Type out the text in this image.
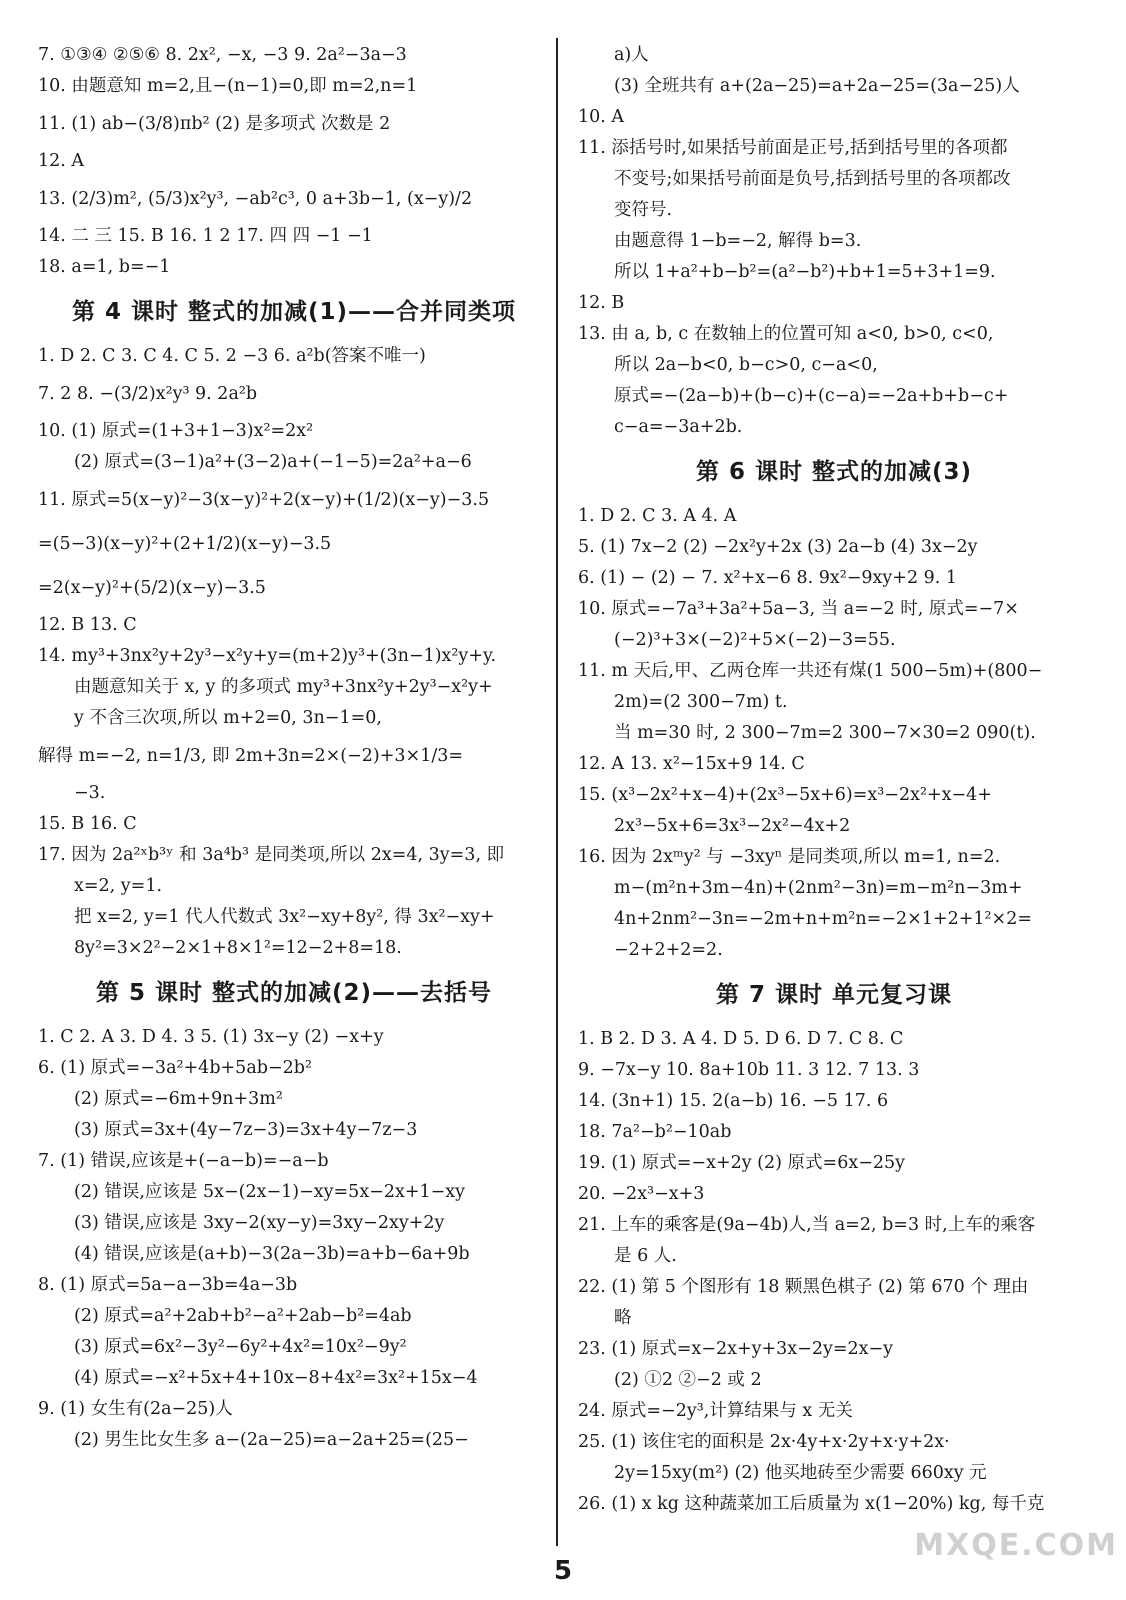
7. ①③④ ②⑤⑥ 8. 2x², −x, −3 9. 2a²−3a−3
10. 由题意知 m=2,且−(n−1)=0,即 m=2,n=1
11. (1) ab−(3/8)πb² (2) 是多项式 次数是 2
12. A
13. (2/3)m², (5/3)x²y³, −ab²c³, 0 a+3b−1, (x−y)/2
14. 二 三 15. B 16. 1 2 17. 四 四 −1 −1
18. a=1, b=−1
第 4 课时 整式的加减(1)——合并同类项
1. D 2. C 3. C 4. C 5. 2 −3 6. a²b(答案不唯一)
7. 2 8. −(3/2)x²y³ 9. 2a²b
10. (1) 原式=(1+3+1−3)x²=2x²
(2) 原式=(3−1)a²+(3−2)a+(−1−5)=2a²+a−6
11. 原式=5(x−y)²−3(x−y)²+2(x−y)+(1/2)(x−y)−3.5
=(5−3)(x−y)²+(2+1/2)(x−y)−3.5
=2(x−y)²+(5/2)(x−y)−3.5
12. B 13. C
14. my³+3nx²y+2y³−x²y+y=(m+2)y³+(3n−1)x²y+y.
由题意知关于 x, y 的多项式 my³+3nx²y+2y³−x²y+
y 不含三次项,所以 m+2=0, 3n−1=0,
解得 m=−2, n=1/3, 即 2m+3n=2×(−2)+3×1/3=
−3.
15. B 16. C
17. 因为 2a²ˣb³ʸ 和 3a⁴b³ 是同类项,所以 2x=4, 3y=3, 即
x=2, y=1.
把 x=2, y=1 代人代数式 3x²−xy+8y², 得 3x²−xy+
8y²=3×2²−2×1+8×1²=12−2+8=18.
第 5 课时 整式的加减(2)——去括号
1. C 2. A 3. D 4. 3 5. (1) 3x−y (2) −x+y
6. (1) 原式=−3a²+4b+5ab−2b²
(2) 原式=−6m+9n+3m²
(3) 原式=3x+(4y−7z−3)=3x+4y−7z−3
7. (1) 错误,应该是+(−a−b)=−a−b
(2) 错误,应该是 5x−(2x−1)−xy=5x−2x+1−xy
(3) 错误,应该是 3xy−2(xy−y)=3xy−2xy+2y
(4) 错误,应该是(a+b)−3(2a−3b)=a+b−6a+9b
8. (1) 原式=5a−a−3b=4a−3b
(2) 原式=a²+2ab+b²−a²+2ab−b²=4ab
(3) 原式=6x²−3y²−6y²+4x²=10x²−9y²
(4) 原式=−x²+5x+4+10x−8+4x²=3x²+15x−4
9. (1) 女生有(2a−25)人
(2) 男生比女生多 a−(2a−25)=a−2a+25=(25−
a)人
(3) 全班共有 a+(2a−25)=a+2a−25=(3a−25)人
10. A
11. 添括号时,如果括号前面是正号,括到括号里的各项都
不变号;如果括号前面是负号,括到括号里的各项都改
变符号.
由题意得 1−b=−2, 解得 b=3.
所以 1+a²+b−b²=(a²−b²)+b+1=5+3+1=9.
12. B
13. 由 a, b, c 在数轴上的位置可知 a<0, b>0, c<0,
所以 2a−b<0, b−c>0, c−a<0,
原式=−(2a−b)+(b−c)+(c−a)=−2a+b+b−c+
c−a=−3a+2b.
第 6 课时 整式的加减(3)
1. D 2. C 3. A 4. A
5. (1) 7x−2 (2) −2x²y+2x (3) 2a−b (4) 3x−2y
6. (1) − (2) − 7. x²+x−6 8. 9x²−9xy+2 9. 1
10. 原式=−7a³+3a²+5a−3, 当 a=−2 时, 原式=−7×
(−2)³+3×(−2)²+5×(−2)−3=55.
11. m 天后,甲、乙两仓库一共还有煤(1 500−5m)+(800−
2m)=(2 300−7m) t.
当 m=30 时, 2 300−7m=2 300−7×30=2 090(t).
12. A 13. x²−15x+9 14. C
15. (x³−2x²+x−4)+(2x³−5x+6)=x³−2x²+x−4+
2x³−5x+6=3x³−2x²−4x+2
16. 因为 2xᵐy² 与 −3xyⁿ 是同类项,所以 m=1, n=2.
m−(m²n+3m−4n)+(2nm²−3n)=m−m²n−3m+
4n+2nm²−3n=−2m+n+m²n=−2×1+2+1²×2=
−2+2+2=2.
第 7 课时 单元复习课
1. B 2. D 3. A 4. D 5. D 6. D 7. C 8. C
9. −7x−y 10. 8a+10b 11. 3 12. 7 13. 3
14. (3n+1) 15. 2(a−b) 16. −5 17. 6
18. 7a²−b²−10ab
19. (1) 原式=−x+2y (2) 原式=6x−25y
20. −2x³−x+3
21. 上车的乘客是(9a−4b)人,当 a=2, b=3 时,上车的乘客
是 6 人.
22. (1) 第 5 个图形有 18 颗黑色棋子 (2) 第 670 个 理由
略
23. (1) 原式=x−2x+y+3x−2y=2x−y
(2) ①2 ②−2 或 2
24. 原式=−2y³,计算结果与 x 无关
25. (1) 该住宅的面积是 2x·4y+x·2y+x·y+2x·
2y=15xy(m²) (2) 他买地砖至少需要 660xy 元
26. (1) x kg 这种蔬菜加工后质量为 x(1−20%) kg, 每千克
5
MXQE.COM
